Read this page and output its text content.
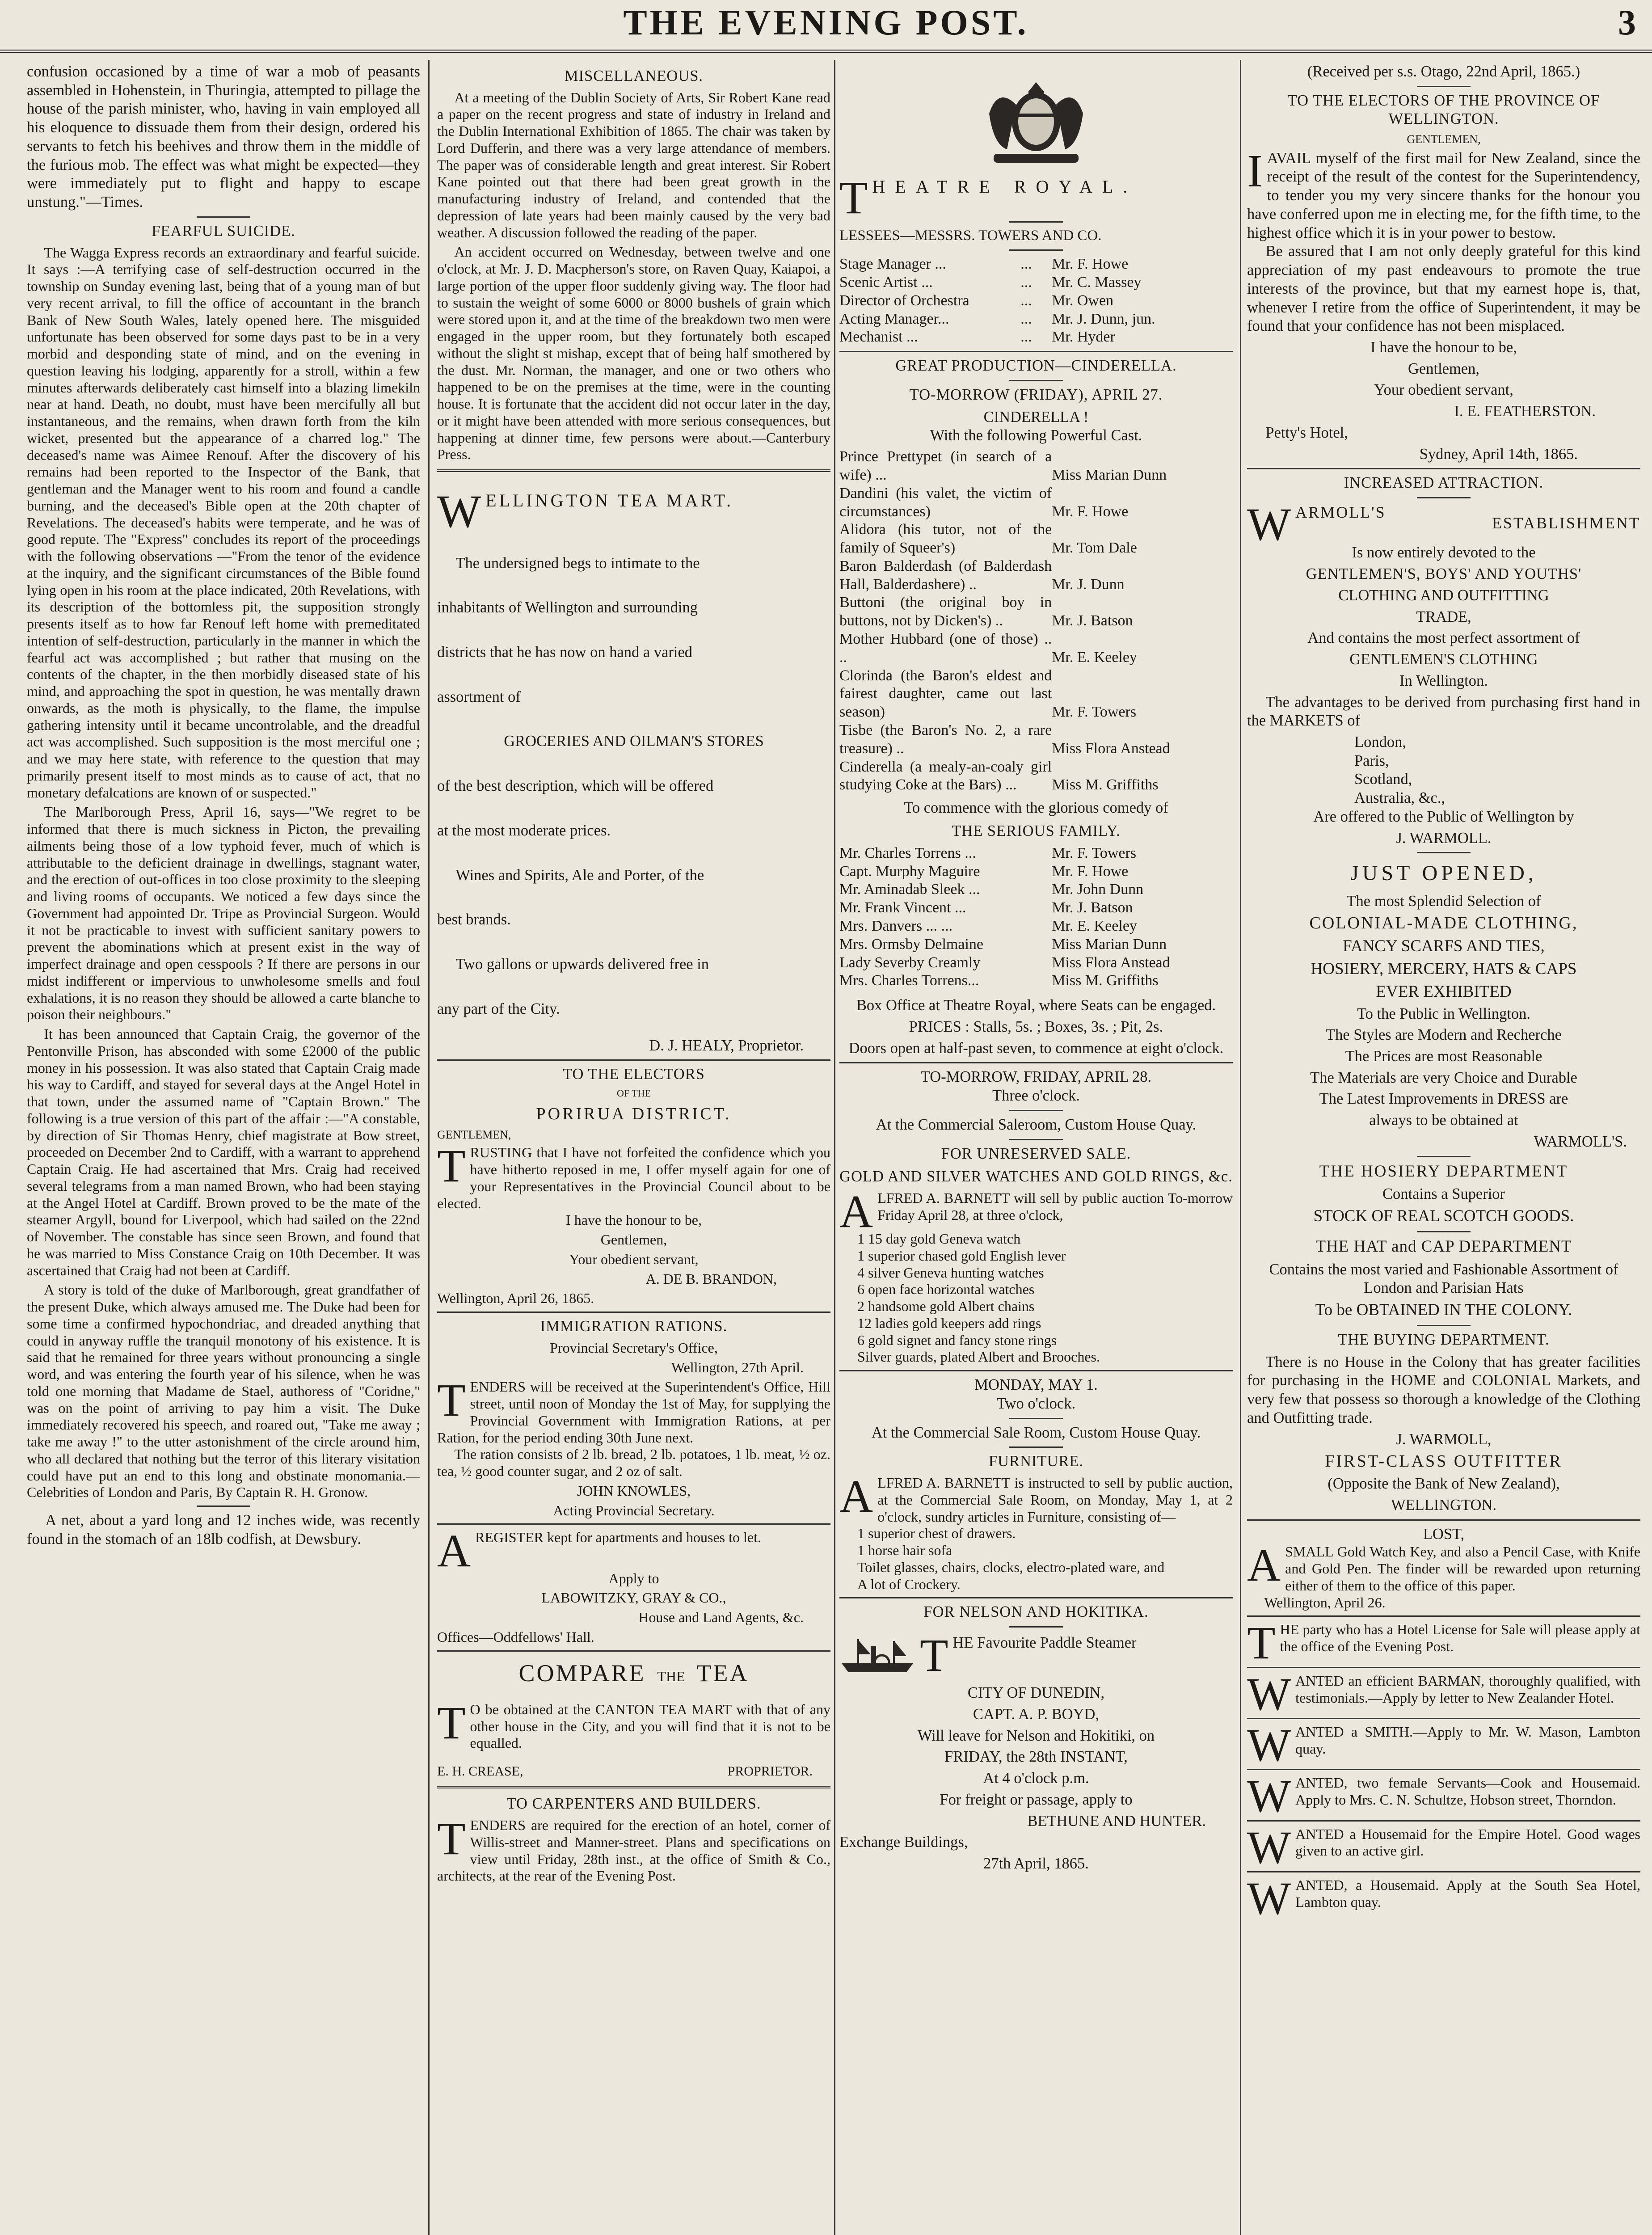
THE EVENING POST.	3

confusion occasioned by a time of war a mob of peasants assembled in Hohenstein, in Thuringia, attempted to pillage the house of the parish minister, who, having in vain employed all his eloquence to dissuade them from their design, ordered his servants to fetch his beehives and throw them in the middle of the furious mob. The effect was what might be expected—they were immediately put to flight and happy to escape unstung."—Times.

FEARFUL SUICIDE.

The Wagga Express records an extraordinary and fearful suicide. It says :—A terrifying case of self-destruction occurred in the township on Sunday evening last, being that of a young man of but very recent arrival, to fill the office of accountant in the branch Bank of New South Wales, lately opened here. The misguided unfortunate has been observed for some days past to be in a very morbid and desponding state of mind, and on the evening in question leaving his lodging, apparently for a stroll, within a few minutes afterwards deliberately cast himself into a blazing limekiln near at hand. Death, no doubt, must have been mercifully all but instantaneous, and the remains, when drawn forth from the kiln wicket, presented but the appearance of a charred log." The deceased's name was Aimee Renouf. After the discovery of his remains had been reported to the Inspector of the Bank, that gentleman and the Manager went to his room and found a candle burning, and the deceased's Bible open at the 20th chapter of Revelations. The deceased's habits were temperate, and he was of good repute. The "Express" concludes its report of the proceedings with the following observations —"From the tenor of the evidence at the inquiry, and the significant circumstances of the Bible found lying open in his room at the place indicated, 20th Revelations, with its description of the bottomless pit, the supposition strongly presents itself as to how far Renouf left home with premeditated intention of self-destruction, particularly in the manner in which the fearful act was accomplished ; but rather that musing on the contents of the chapter, in the then morbidly diseased state of his mind, and approaching the spot in question, he was mentally drawn onwards, as the moth is physically, to the flame, the impulse gathering intensity until it became uncontrolable, and the dreadful act was accomplished. Such supposition is the most merciful one ; and we may here state, with reference to the question that may primarily present itself to most minds as to cause of act, that no monetary defalcations are known of or suspected."

The Marlborough Press, April 16, says—"We regret to be informed that there is much sickness in Picton, the prevailing ailments being those of a low typhoid fever, much of which is attributable to the deficient drainage in dwellings, stagnant water, and the erection of out-offices in too close proximity to the sleeping and living rooms of occupants. We noticed a few days since the Government had appointed Dr. Tripe as Provincial Surgeon. Would it not be practicable to invest with sufficient sanitary powers to prevent the abominations which at present exist in the way of imperfect drainage and open cesspools ? If there are persons in our midst indifferent or impervious to unwholesome smells and foul exhalations, it is no reason they should be allowed a carte blanche to poison their neighbours."

It has been announced that Captain Craig, the governor of the Pentonville Prison, has absconded with some £2000 of the public money in his possession. It was also stated that Captain Craig made his way to Cardiff, and stayed for several days at the Angel Hotel in that town, under the assumed name of "Captain Brown." The following is a true version of this part of the affair :—"A constable, by direction of Sir Thomas Henry, chief magistrate at Bow street, proceeded on December 2nd to Cardiff, with a warrant to apprehend Captain Craig. He had ascertained that Mrs. Craig had received several telegrams from a man named Brown, who had been staying at the Angel Hotel at Cardiff. Brown proved to be the mate of the steamer Argyll, bound for Liverpool, which had sailed on the 22nd of November. The constable has since seen Brown, and found that he was married to Miss Constance Craig on 10th December. It was ascertained that Craig had not been at Cardiff.

A story is told of the duke of Marlborough, great grandfather of the present Duke, which always amused me. The Duke had been for some time a confirmed hypochondriac, and dreaded anything that could in anyway ruffle the tranquil monotony of his existence. It is said that he remained for three years without pronouncing a single word, and was entering the fourth year of his silence, when he was told one morning that Madame de Stael, authoress of "Coridne," was on the point of arriving to pay him a visit. The Duke immediately recovered his speech, and roared out, "Take me away ; take me away !" to the utter astonishment of the circle around him, who all declared that nothing but the terror of this literary visitation could have put an end to this long and obstinate monomania.—Celebrities of London and Paris, By Captain R. H. Gronow.

A net, about a yard long and 12 inches wide, was recently found in the stomach of an 18lb codfish, at Dewsbury.

MISCELLANEOUS.

At a meeting of the Dublin Society of Arts, Sir Robert Kane read a paper on the recent progress and state of industry in Ireland and the Dublin International Exhibition of 1865. The chair was taken by Lord Dufferin, and there was a very large attendance of members. The paper was of considerable length and great interest. Sir Robert Kane pointed out that there had been great growth in the manufacturing industry of Ireland, and contended that the depression of late years had been mainly caused by the very bad weather. A discussion followed the reading of the paper.

An accident occurred on Wednesday, between twelve and one o'clock, at Mr. J. D. Macpherson's store, on Raven Quay, Kaiapoi, a large portion of the upper floor suddenly giving way. The floor had to sustain the weight of some 6000 or 8000 bushels of grain which were stored upon it, and at the time of the breakdown two men were engaged in the upper room, but they fortunately both escaped without the slight st mishap, except that of being half smothered by the dust. Mr. Norman, the manager, and one or two others who happened to be on the premises at the time, were in the counting house. It is fortunate that the accident did not occur later in the day, or it might have been attended with more serious consequences, but happening at dinner time, few persons were about.—Canterbury Press.

W ELLINGTON TEA MART.

The undersigned begs to intimate to the

inhabitants of Wellington and surrounding

districts that he has now on hand a varied

assortment of

GROCERIES AND OILMAN'S STORES

of the best description, which will be offered

at the most moderate prices.

Wines and Spirits, Ale and Porter, of the

best brands.

Two gallons or upwards delivered free in

any part of the City.

D. J. HEALY, Proprietor.

TO THE ELECTORS
OF THE
PORIRUA DISTRICT.

GENTLEMEN,

TRUSTING that I have not forfeited the confidence which you have hitherto reposed in me, I offer myself again for one of your Representatives in the Provincial Council about to be elected.

I have the honour to be,

Gentlemen,

Your obedient servant,

A. DE B. BRANDON,

Wellington, April 26, 1865.

IMMIGRATION RATIONS.

Provincial Secretary's Office,

Wellington, 27th April.

TENDERS will be received at the Superintendent's Office, Hill street, until noon of Monday the 1st of May, for supplying the Provincial Government with Immigration Rations, at per Ration, for the period ending 30th June next.

The ration consists of 2 lb. bread, 2 lb. potatoes, 1 lb. meat, ½ oz. tea, ½ good counter sugar, and 2 oz of salt.

JOHN KNOWLES,

Acting Provincial Secretary.

AREGISTER kept for apartments and houses to let.

Apply to

LABOWITZKY, GRAY & CO.,

House and Land Agents, &c.

Offices—Oddfellows' Hall.

COMPARE THE TEA
T O be obtained at the CANTON TEA MART with that of any other house in the City, and you will find that it is not to be equalled.
E. H. CREASE,	PROPRIETOR.
TO CARPENTERS AND BUILDERS.
TENDERS are required for the erection of an hotel, corner of Willis-street and Manner-street. Plans and specifications on view until Friday, 28th inst., at the office of Smith & Co., architects, at the rear of the Evening Post.
T HEATRE ROYAL.

LESSEES—MESSRS. TOWERS AND CO.

Stage Manager ...	...	Mr. F. Howe
Scenic Artist ...	...	Mr. C. Massey
Director of Orchestra	...	Mr. Owen
Acting Manager...	...	Mr. J. Dunn, jun.
Mechanist ...	...	Mr. Hyder
GREAT PRODUCTION—CINDERELLA.
TO-MORROW (FRIDAY), APRIL 27.
CINDERELLA !

With the following Powerful Cast.

Prince Prettypet (in search of a wife) ...	Miss Marian Dunn
Dandini (his valet, the victim of circumstances)	Mr. F. Howe
Alidora (his tutor, not of the family of Squeer's)	Mr. Tom Dale
Baron Balderdash (of Balderdash Hall, Balderdashere) ..	Mr. J. Dunn
Buttoni (the original boy in buttons, not by Dicken's) ..	Mr. J. Batson
Mother Hubbard (one of those) .. ..	Mr. E. Keeley
Clorinda (the Baron's eldest and fairest daughter, came out last season)	Mr. F. Towers
Tisbe (the Baron's No. 2, a rare treasure) ..	Miss Flora Anstead
Cinderella (a mealy-an-coaly girl studying Coke at the Bars) ...	Miss M. Griffiths

To commence with the glorious comedy of

THE SERIOUS FAMILY.
Mr. Charles Torrens ...	Mr. F. Towers
Capt. Murphy Maguire	Mr. F. Howe
Mr. Aminadab Sleek ...	Mr. John Dunn
Mr. Frank Vincent ...	Mr. J. Batson
Mrs. Danvers ... ...	Mr. E. Keeley
Mrs. Ormsby Delmaine	Miss Marian Dunn
Lady Severby Creamly	Miss Flora Anstead
Mrs. Charles Torrens...	Miss M. Griffiths

Box Office at Theatre Royal, where Seats can be engaged.

PRICES : Stalls, 5s. ; Boxes, 3s. ; Pit, 2s.

Doors open at half-past seven, to commence at eight o'clock.

TO-MORROW, FRIDAY, APRIL 28.
Three o'clock.

At the Commercial Saleroom, Custom House Quay.

FOR UNRESERVED SALE.
GOLD AND SILVER WATCHES AND GOLD RINGS, &c.
ALFRED A. BARNETT will sell by public auction To-morrow Friday April 28, at three o'clock,
1 15 day gold Geneva watch
1 superior chased gold English lever
4 silver Geneva hunting watches
6 open face horizontal watches
2 handsome gold Albert chains
12 ladies gold keepers add rings
6 gold signet and fancy stone rings
Silver guards, plated Albert and Brooches.
MONDAY, MAY 1.
Two o'clock.

At the Commercial Sale Room, Custom House Quay.

FURNITURE.
ALFRED A. BARNETT is instructed to sell by public auction, at the Commercial Sale Room, on Monday, May 1, at 2 o'clock, sundry articles in Furniture, consisting of—
1 superior chest of drawers.
1 horse hair sofa
Toilet glasses, chairs, clocks, electro-plated ware, and
A lot of Crockery.
FOR NELSON AND HOKITIKA.
T HE Favourite Paddle Steamer

CITY OF DUNEDIN,

CAPT. A. P. BOYD,

Will leave for Nelson and Hokitiki, on

FRIDAY, the 28th INSTANT,

At 4 o'clock p.m.

For freight or passage, apply to

BETHUNE AND HUNTER.

Exchange Buildings,

27th April, 1865.

(Received per s.s. Otago, 22nd April, 1865.)

TO THE ELECTORS OF THE PROVINCE OF WELLINGTON.

GENTLEMEN,

IAVAIL myself of the first mail for New Zealand, since the receipt of the result of the contest for the Superintendency, to tender you my very sincere thanks for the honour you have conferred upon me in electing me, for the fifth time, to the highest office which it is in your power to bestow.

Be assured that I am not only deeply grateful for this kind appreciation of my past endeavours to promote the true interests of the province, but that my earnest hope is, that, whenever I retire from the office of Superintendent, it may be found that your confidence has not been misplaced.

I have the honour to be,

Gentlemen,

Your obedient servant,

I. E. FEATHERSTON.

Petty's Hotel,

Sydney, April 14th, 1865.

INCREASED ATTRACTION.
WARMOLL'S
ESTABLISHMENT

Is now entirely devoted to the

GENTLEMEN'S, BOYS' AND YOUTHS'

CLOTHING AND OUTFITTING

TRADE,

And contains the most perfect assortment of

GENTLEMEN'S CLOTHING

In Wellington.

The advantages to be derived from purchasing first hand in the MARKETS of

London,
Paris,
Scotland,
Australia, &c.,

Are offered to the Public of Wellington by

J. WARMOLL.

JUST OPENED,

The most Splendid Selection of

COLONIAL-MADE CLOTHING,

FANCY SCARFS AND TIES,

HOSIERY, MERCERY, HATS & CAPS

EVER EXHIBITED

To the Public in Wellington.

The Styles are Modern and Recherche

The Prices are most Reasonable

The Materials are very Choice and Durable

The Latest Improvements in DRESS are

always to be obtained at

WARMOLL'S.

THE HOSIERY DEPARTMENT

Contains a Superior

STOCK OF REAL SCOTCH GOODS.

THE HAT and CAP DEPARTMENT

Contains the most varied and Fashionable Assortment of London and Parisian Hats

To be OBTAINED IN THE COLONY.

THE BUYING DEPARTMENT.

There is no House in the Colony that has greater facilities for purchasing in the HOME and COLONIAL Markets, and very few that possess so thorough a knowledge of the Clothing and Outfitting trade.

J. WARMOLL,

FIRST-CLASS OUTFITTER

(Opposite the Bank of New Zealand),

WELLINGTON.

LOST,
ASMALL Gold Watch Key, and also a Pencil Case, with Knife and Gold Pen. The finder will be rewarded upon returning either of them to the office of this paper.

Wellington, April 26.

THE party who has a Hotel License for Sale will please apply at the office of the Evening Post.
WANTED an efficient BARMAN, thoroughly qualified, with testimonials.—Apply by letter to New Zealander Hotel.
WANTED a SMITH.—Apply to Mr. W. Mason, Lambton quay.
WANTED, two female Servants—Cook and Housemaid. Apply to Mrs. C. N. Schultze, Hobson street, Thorndon.
WANTED a Housemaid for the Empire Hotel. Good wages given to an active girl.
WANTED, a Housemaid. Apply at the South Sea Hotel, Lambton quay.
